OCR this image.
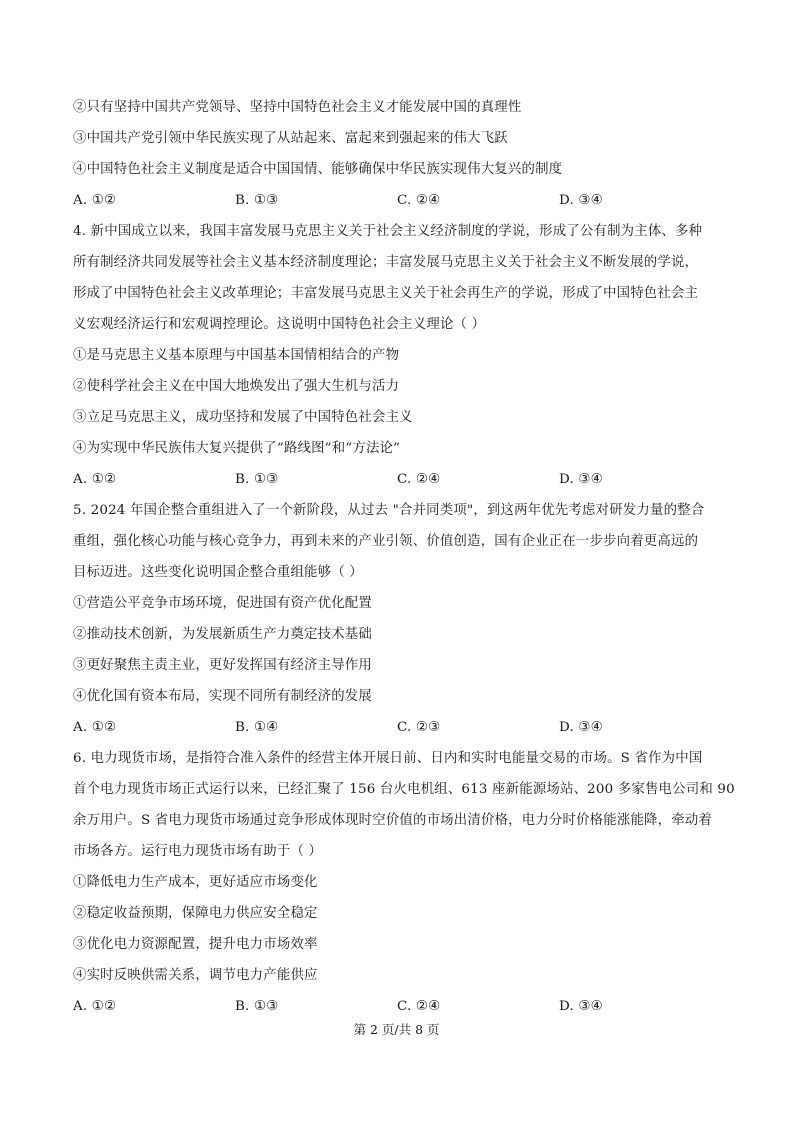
②只有坚持中国共产党领导、坚持中国特色社会主义才能发展中国的真理性
③中国共产党引领中华民族实现了从站起来、富起来到强起来的伟大飞跃
④中国特色社会主义制度是适合中国国情、能够确保中华民族实现伟大复兴的制度
A. ①②	B. ①③	C. ②④	D. ③④
4. 新中国成立以来，我国丰富发展马克思主义关于社会主义经济制度的学说，形成了公有制为主体、多种
所有制经济共同发展等社会主义基本经济制度理论；丰富发展马克思主义关于社会主义不断发展的学说，
形成了中国特色社会主义改革理论；丰富发展马克思主义关于社会再生产的学说，形成了中国特色社会主
义宏观经济运行和宏观调控理论。这说明中国特色社会主义理论（ ）
①是马克思主义基本原理与中国基本国情相结合的产物
②使科学社会主义在中国大地焕发出了强大生机与活力
③立足马克思主义，成功坚持和发展了中国特色社会主义
④为实现中华民族伟大复兴提供了“路线图”和“方法论”
A. ①②	B. ①③	C. ②④	D. ③④
5. 2024 年国企整合重组进入了一个新阶段，从过去 "合并同类项"，到这两年优先考虑对研发力量的整合
重组，强化核心功能与核心竞争力，再到未来的产业引领、价值创造，国有企业正在一步步向着更高远的
目标迈进。这些变化说明国企整合重组能够（ ）
①营造公平竞争市场环境，促进国有资产优化配置
②推动技术创新，为发展新质生产力奠定技术基础
③更好聚焦主责主业，更好发挥国有经济主导作用
④优化国有资本布局，实现不同所有制经济的发展
A. ①②	B. ①④	C. ②③	D. ③④
6. 电力现货市场，是指符合准入条件的经营主体开展日前、日内和实时电能量交易的市场。S 省作为中国
首个电力现货市场正式运行以来，已经汇聚了 156 台火电机组、613 座新能源场站、200 多家售电公司和 90
余万用户。S 省电力现货市场通过竞争形成体现时空价值的市场出清价格，电力分时价格能涨能降，牵动着
市场各方。运行电力现货市场有助于（ ）
①降低电力生产成本，更好适应市场变化
②稳定收益预期，保障电力供应安全稳定
③优化电力资源配置，提升电力市场效率
④实时反映供需关系，调节电力产能供应
A. ①②	B. ①③	C. ②④	D. ③④
第 2 页/共 8 页
